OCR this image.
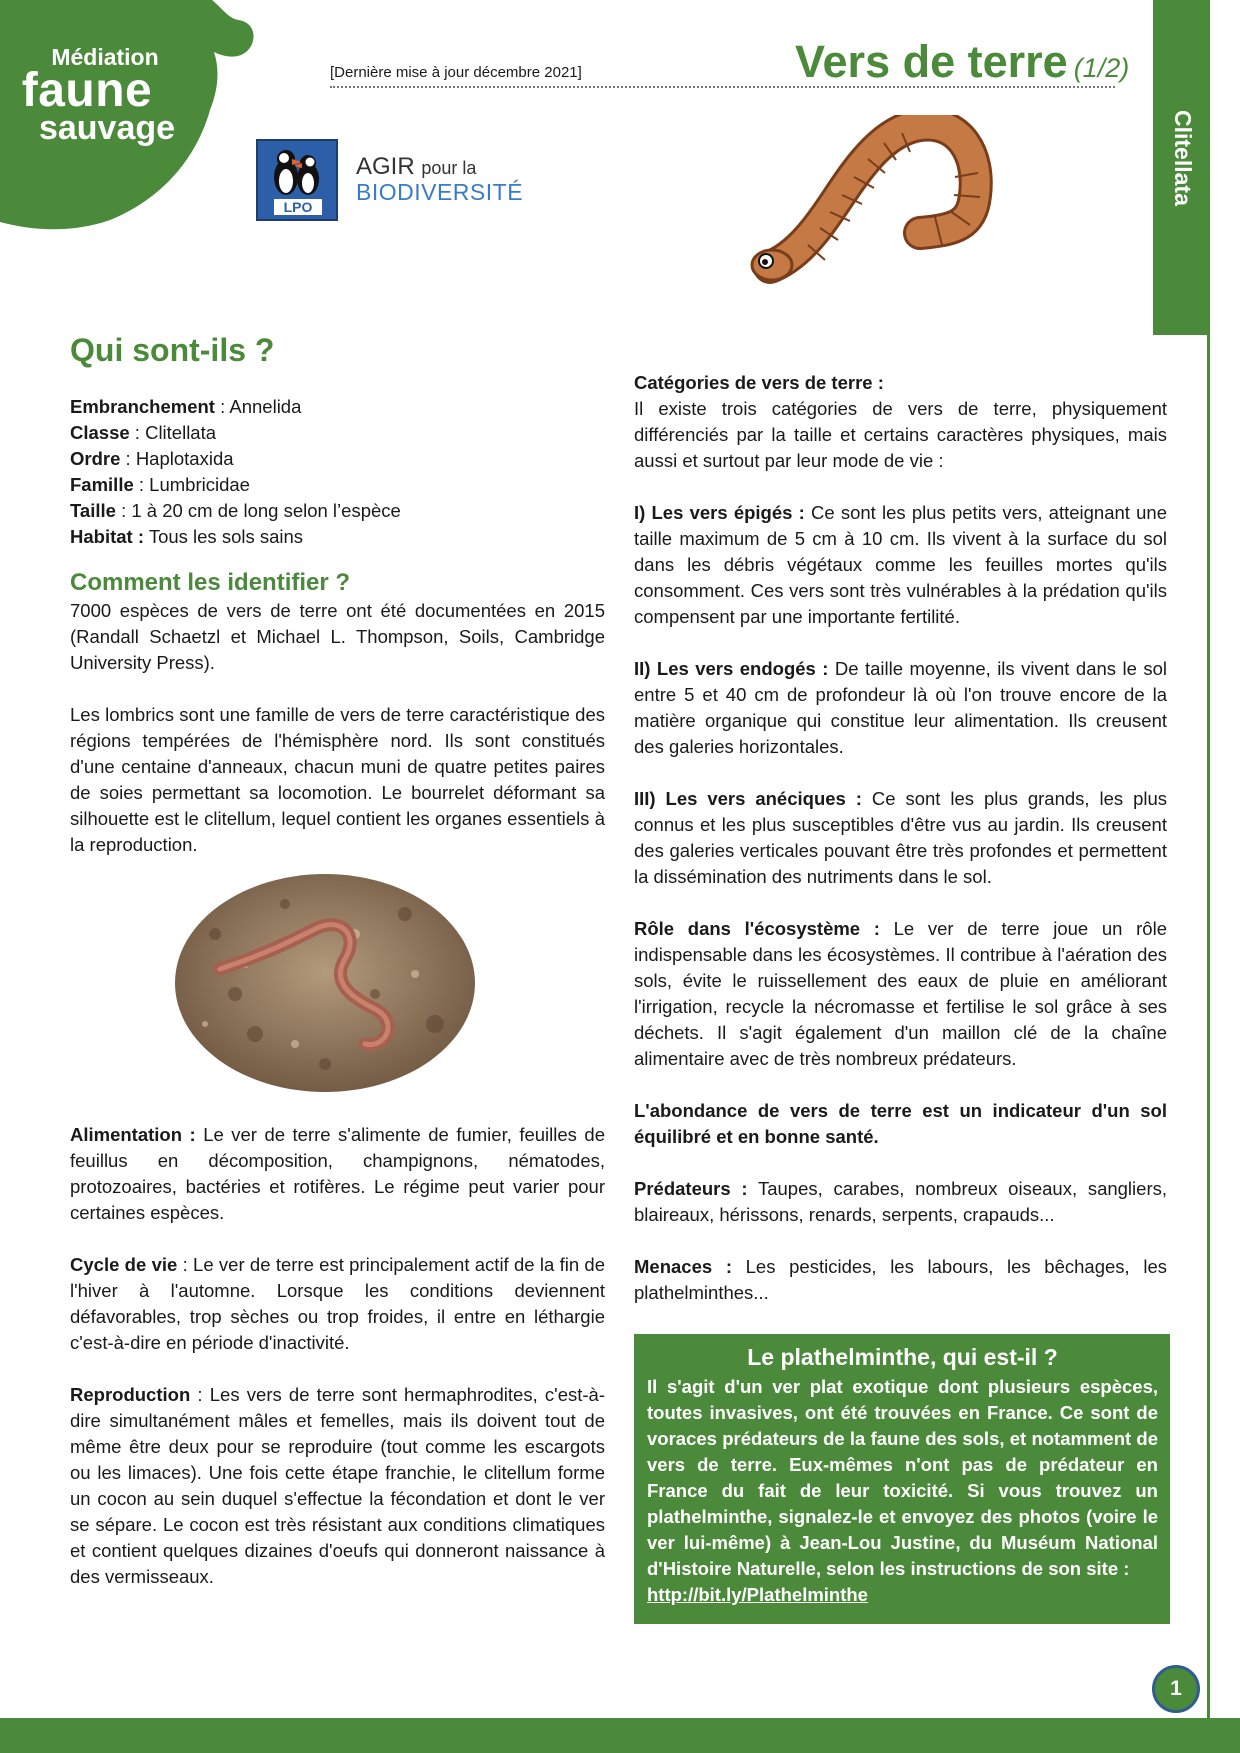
Médiation
faune
sauvage
[Dernière mise à jour décembre 2021]	Vers de terre (1/2)
Clitellata
LPO
AGIR pour la
BIODIVERSITÉ
Qui sont-ils ?
Embranchement : Annelida
Classe : Clitellata
Ordre : Haplotaxida
Famille : Lumbricidae
Taille : 1 à 20 cm de long selon l’espèce
Habitat : Tous les sols sains
Comment les identifier ?

7000 espèces de vers de terre ont été documentées en 2015 (Randall Schaetzl et Michael L. Thompson, Soils, Cambridge University Press).

Les lombrics sont une famille de vers de terre caractéristique des régions tempérées de l'hémisphère nord. Ils sont constitués d'une centaine d'anneaux, chacun muni de quatre petites paires de soies permettant sa locomotion. Le bourrelet déformant sa silhouette est le clitellum, lequel contient les organes essentiels à la reproduction.

Alimentation : Le ver de terre s'alimente de fumier, feuilles de feuillus en décomposition, champignons, nématodes, protozoaires, bactéries et rotifères. Le régime peut varier pour certaines espèces.

Cycle de vie : Le ver de terre est principalement actif de la fin de l'hiver à l'automne. Lorsque les conditions deviennent défavorables, trop sèches ou trop froides, il entre en léthargie c'est-à-dire en période d'inactivité.

Reproduction : Les vers de terre sont hermaphrodites, c'est-à-dire simultanément mâles et femelles, mais ils doivent tout de même être deux pour se reproduire (tout comme les escargots ou les limaces). Une fois cette étape franchie, le clitellum forme un cocon au sein duquel s'effectue la fécondation et dont le ver se sépare. Le cocon est très résistant aux conditions climatiques et contient quelques dizaines d'oeufs qui donneront naissance à des vermisseaux.

Catégories de vers de terre :

Il existe trois catégories de vers de terre, physiquement différenciés par la taille et certains caractères physiques, mais aussi et surtout par leur mode de vie :

I) Les vers épigés : Ce sont les plus petits vers, atteignant une taille maximum de 5 cm à 10 cm. Ils vivent à la surface du sol dans les débris végétaux comme les feuilles mortes qu'ils consomment. Ces vers sont très vulnérables à la prédation qu'ils compensent par une importante fertilité.

II) Les vers endogés : De taille moyenne, ils vivent dans le sol entre 5 et 40 cm de profondeur là où l'on trouve encore de la matière organique qui constitue leur alimentation. Ils creusent des galeries horizontales.

III) Les vers anéciques : Ce sont les plus grands, les plus connus et les plus susceptibles d'être vus au jardin. Ils creusent des galeries verticales pouvant être très profondes et permettent la dissémination des nutriments dans le sol.

Rôle dans l'écosystème : Le ver de terre joue un rôle indispensable dans les écosystèmes. Il contribue à l'aération des sols, évite le ruissellement des eaux de pluie en améliorant l'irrigation, recycle la nécromasse et fertilise le sol grâce à ses déchets. Il s'agit également d'un maillon clé de la chaîne alimentaire avec de très nombreux prédateurs.

L'abondance de vers de terre est un indicateur d'un sol équilibré et en bonne santé.

Prédateurs : Taupes, carabes, nombreux oiseaux, sangliers, blaireaux, hérissons, renards, serpents, crapauds...

Menaces : Les pesticides, les labours, les bêchages, les plathelminthes...

Le plathelminthe, qui est-il ?

Il s'agit d'un ver plat exotique dont plusieurs espèces, toutes invasives, ont été trouvées en France. Ce sont de voraces prédateurs de la faune des sols, et notamment de vers de terre. Eux-mêmes n'ont pas de prédateur en France du fait de leur toxicité. Si vous trouvez un plathelminthe, signalez-le et envoyez des photos (voire le ver lui-même) à Jean-Lou Justine, du Muséum National d'Histoire Naturelle, selon les instructions de son site :
http://bit.ly/Plathelminthe

1
